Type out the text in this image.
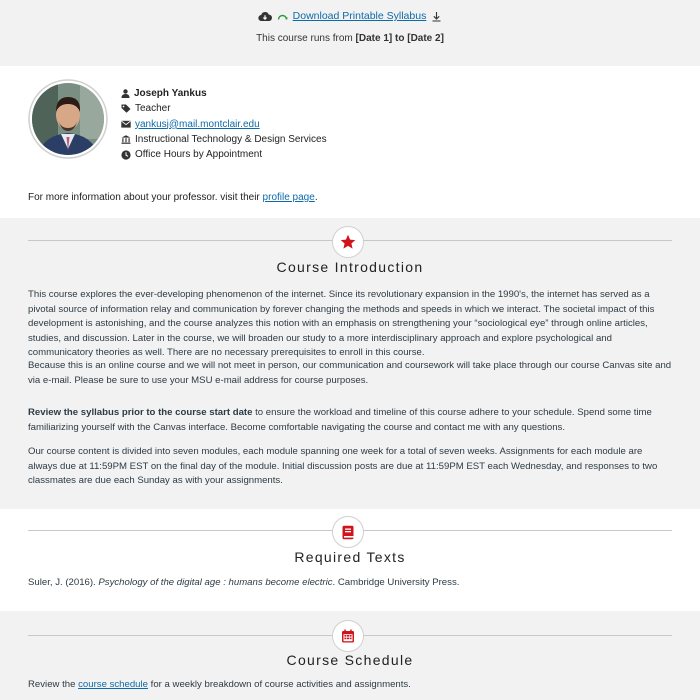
Download Printable Syllabus
This course runs from [Date 1] to [Date 2]
Joseph Yankus
Teacher
yankusj@mail.montclair.edu
Instructional Technology & Design Services
Office Hours by Appointment
For more information about your professor. visit their profile page.
Course Introduction

This course explores the ever-developing phenomenon of the internet. Since its revolutionary expansion in the 1990's, the internet has served as a pivotal source of information relay and communication by forever changing the methods and speeds in which we interact. The societal impact of this development is astonishing, and the course analyzes this notion with an emphasis on strengthening your “sociological eye” through online articles, studies, and discussion. Later in the course, we will broaden our study to a more interdisciplinary approach and explore psychological and communicatory theories as well. There are no necessary prerequisites to enroll in this course.

Because this is an online course and we will not meet in person, our communication and coursework will take place through our course Canvas site and via e-mail. Please be sure to use your MSU e-mail address for course purposes.

Review the syllabus prior to the course start date to ensure the workload and timeline of this course adhere to your schedule. Spend some time familiarizing yourself with the Canvas interface. Become comfortable navigating the course and contact me with any questions.

Our course content is divided into seven modules, each module spanning one week for a total of seven weeks. Assignments for each module are always due at 11:59PM EST on the final day of the module. Initial discussion posts are due at 11:59PM EST each Wednesday, and responses to two classmates are due each Sunday as with your assignments.

Required Texts

Suler, J. (2016). Psychology of the digital age : humans become electric. Cambridge University Press.

Course Schedule

Review the course schedule for a weekly breakdown of course activities and assignments.
